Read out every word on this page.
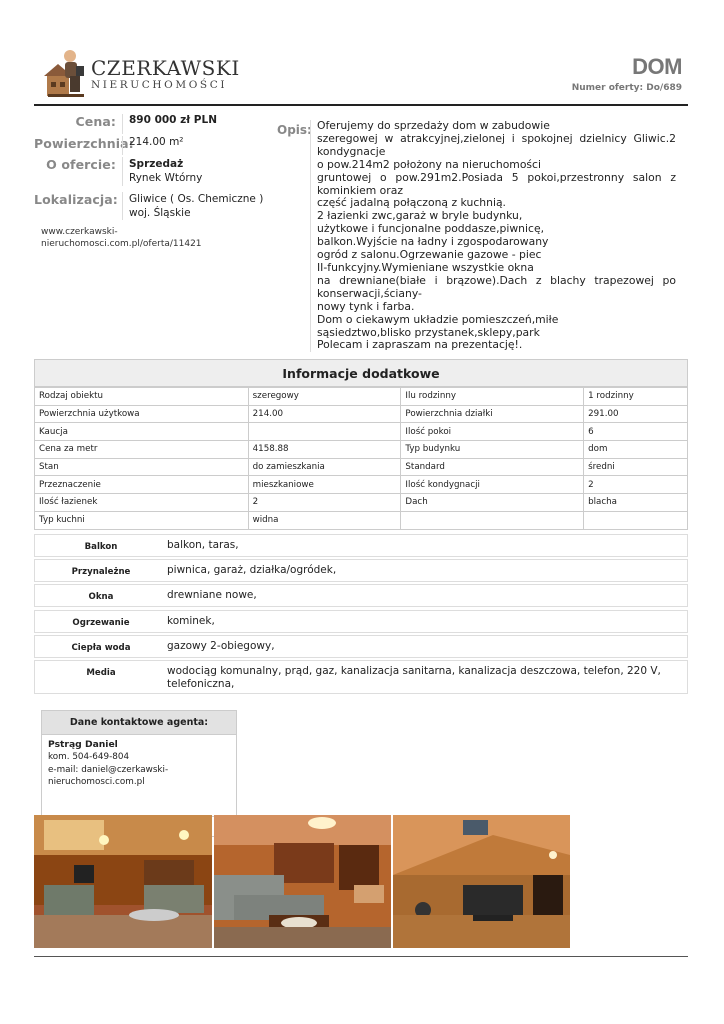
CZERKAWSKI
NIERUCHOMOŚCI
DOM
Numer oferty: Do/689
Cena:	890 000 zł PLN
Powierzchnia:
214.00 m²
O ofercie:	Sprzedaż
Rynek Wtórny
Lokalizacja:	Gliwice ( Os. Chemiczne )
woj. Śląskie
www.czerkawski-
nieruchomosci.com.pl/oferta/11421
Opis: Oferujemy do sprzedaży dom w zabudowie

szeregowej w atrakcyjnej,zielonej i spokojnej dzielnicy Gliwic.2 kondygnacje

o pow.214m2 położony na nieruchomości

gruntowej o pow.291m2.Posiada 5 pokoi,przestronny salon z kominkiem oraz

część jadalną połączoną z kuchnią.

2 łazienki zwc,garaż w bryle budynku,

użytkowe i funcjonalne poddasze,piwnicę,

balkon.Wyjście na ładny i zgospodarowany

ogród z salonu.Ogrzewanie gazowe - piec

II-funkcyjny.Wymieniane wszystkie okna

na drewniane(białe i brązowe).Dach z blachy trapezowej po konserwacji,ściany-

nowy tynk i farba.

Dom o ciekawym układzie pomieszczeń,miłe

sąsiedztwo,blisko przystanek,sklepy,park

Polecam i zapraszam na prezentację!.

Informacje dodatkowe
Rodzaj obiektu	szeregowy	Ilu rodzinny	1 rodzinny
Powierzchnia użytkowa	214.00	Powierzchnia działki	291.00
Kaucja		Ilość pokoi	6
Cena za metr	4158.88	Typ budynku	dom
Stan	do zamieszkania	Standard	średni
Przeznaczenie	mieszkaniowe	Ilość kondygnacji	2
Ilość łazienek	2	Dach	blacha
Typ kuchni	widna		
Balkon	balkon, taras,
Przynależne	piwnica, garaż, działka/ogródek,
Okna	drewniane nowe,
Ogrzewanie	kominek,
Ciepła woda	gazowy 2-obiegowy,
Media	wodociąg komunalny, prąd, gaz, kanalizacja sanitarna, kanalizacja deszczowa, telefon, 220 V, telefoniczna,
Dane kontaktowe agenta:
Pstrąg Daniel
kom. 504-649-804
e-mail: daniel@czerkawski-
nieruchomosci.com.pl
